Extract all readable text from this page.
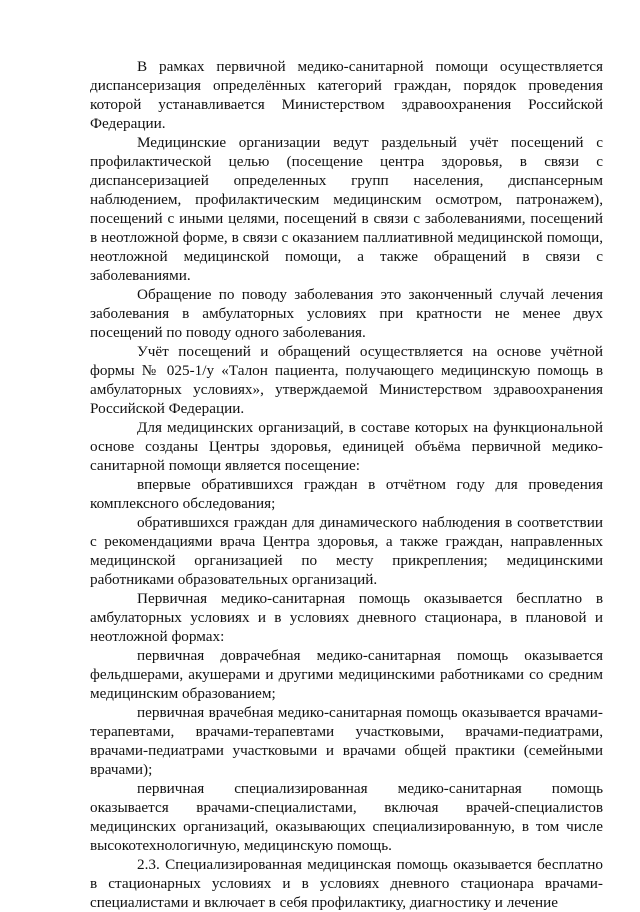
В рамках первичной медико-санитарной помощи осуществляется диспансеризация определённых категорий граждан, порядок проведения которой устанавливается Министерством здравоохранения Российской Федерации.

Медицинские организации ведут раздельный учёт посещений с профилактической целью (посещение центра здоровья, в связи с диспансеризацией определенных групп населения, диспансерным наблюдением, профилактическим медицинским осмотром, патронажем), посещений с иными целями, посещений в связи с заболеваниями, посещений в неотложной форме, в связи с оказанием паллиативной медицинской помощи, неотложной медицинской помощи, а также обращений в связи с заболеваниями.

Обращение по поводу заболевания это законченный случай лечения заболевания в амбулаторных условиях при кратности не менее двух посещений по поводу одного заболевания.

Учёт посещений и обращений осуществляется на основе учётной формы № 025-1/у «Талон пациента, получающего медицинскую помощь в амбулаторных условиях», утверждаемой Министерством здравоохранения Российской Федерации.

Для медицинских организаций, в составе которых на функциональной основе созданы Центры здоровья, единицей объёма первичной медико-санитарной помощи является посещение:

впервые обратившихся граждан в отчётном году для проведения комплексного обследования;

обратившихся граждан для динамического наблюдения в соответствии с рекомендациями врача Центра здоровья, а также граждан, направленных медицинской организацией по месту прикрепления; медицинскими работниками образовательных организаций.

Первичная медико-санитарная помощь оказывается бесплатно в амбулаторных условиях и в условиях дневного стационара, в плановой и неотложной формах:

первичная доврачебная медико-санитарная помощь оказывается фельдшерами, акушерами и другими медицинскими работниками со средним медицинским образованием;

первичная врачебная медико-санитарная помощь оказывается врачами-терапевтами, врачами-терапевтами участковыми, врачами-педиатрами, врачами-педиатрами участковыми и врачами общей практики (семейными врачами);

первичная специализированная медико-санитарная помощь оказывается врачами-специалистами, включая врачей-специалистов медицинских организаций, оказывающих специализированную, в том числе высокотехнологичную, медицинскую помощь.

2.3. Специализированная медицинская помощь оказывается бесплатно в стационарных условиях и в условиях дневного стационара врачами-специалистами и включает в себя профилактику, диагностику и лечение
